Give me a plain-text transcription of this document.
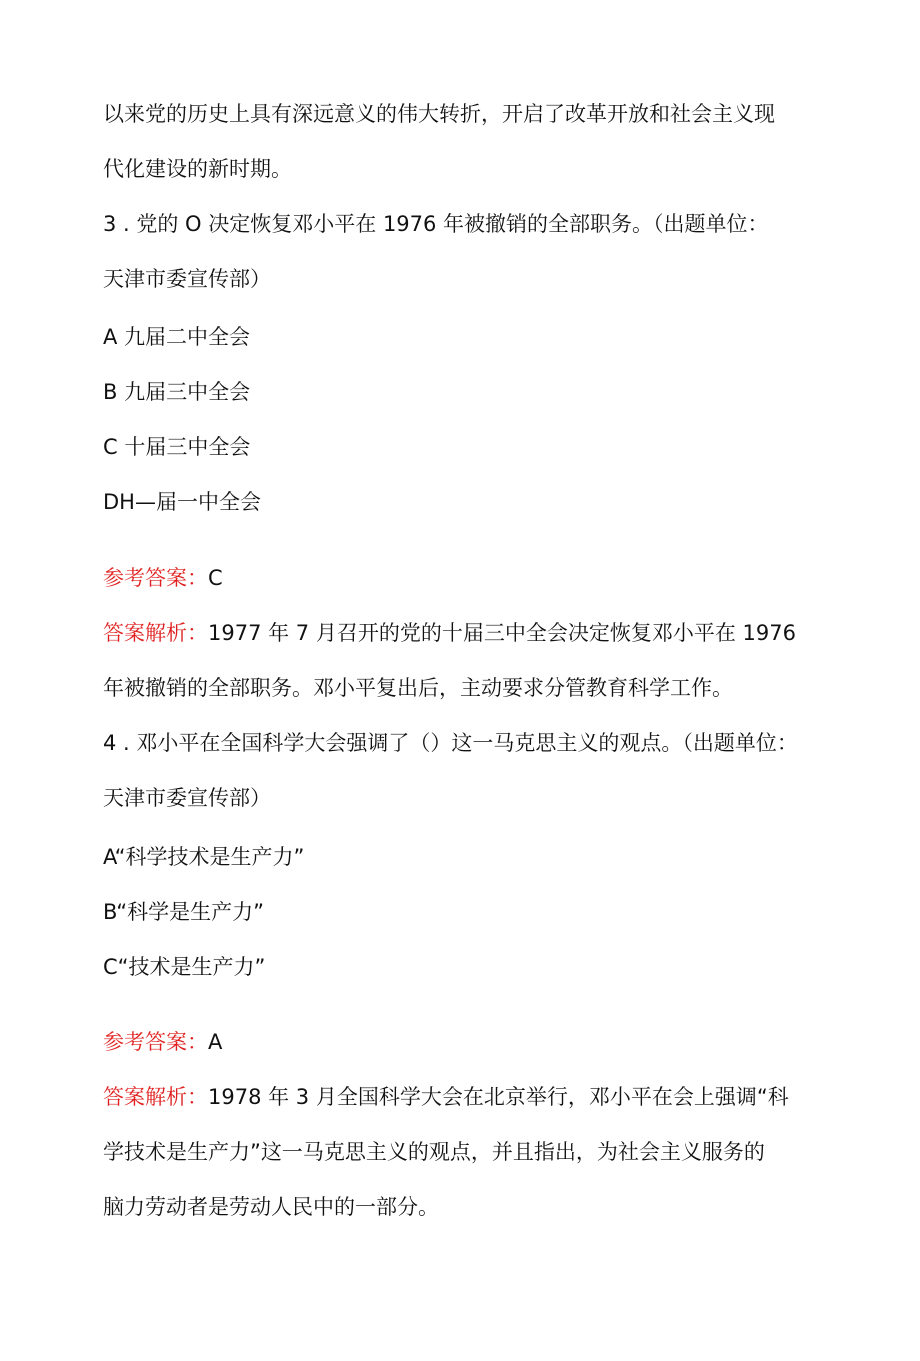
以来党的历史上具有深远意义的伟大转折，开启了改革开放和社会主义现
代化建设的新时期。
3 . 党的 O 决定恢复邓小平在 1976 年被撤销的全部职务。（出题单位：
天津市委宣传部）
A 九届二中全会
B 九届三中全会
C 十届三中全会
DH—届一中全会
参考答案：C
答案解析：1977 年 7 月召开的党的十届三中全会决定恢复邓小平在 1976
年被撤销的全部职务。邓小平复出后，主动要求分管教育科学工作。
4 . 邓小平在全国科学大会强调了（）这一马克思主义的观点。（出题单位：
天津市委宣传部）
A“科学技术是生产力”
B“科学是生产力”
C“技术是生产力”
参考答案：A
答案解析：1978 年 3 月全国科学大会在北京举行，邓小平在会上强调“科
学技术是生产力”这一马克思主义的观点，并且指出，为社会主义服务的
脑力劳动者是劳动人民中的一部分。
